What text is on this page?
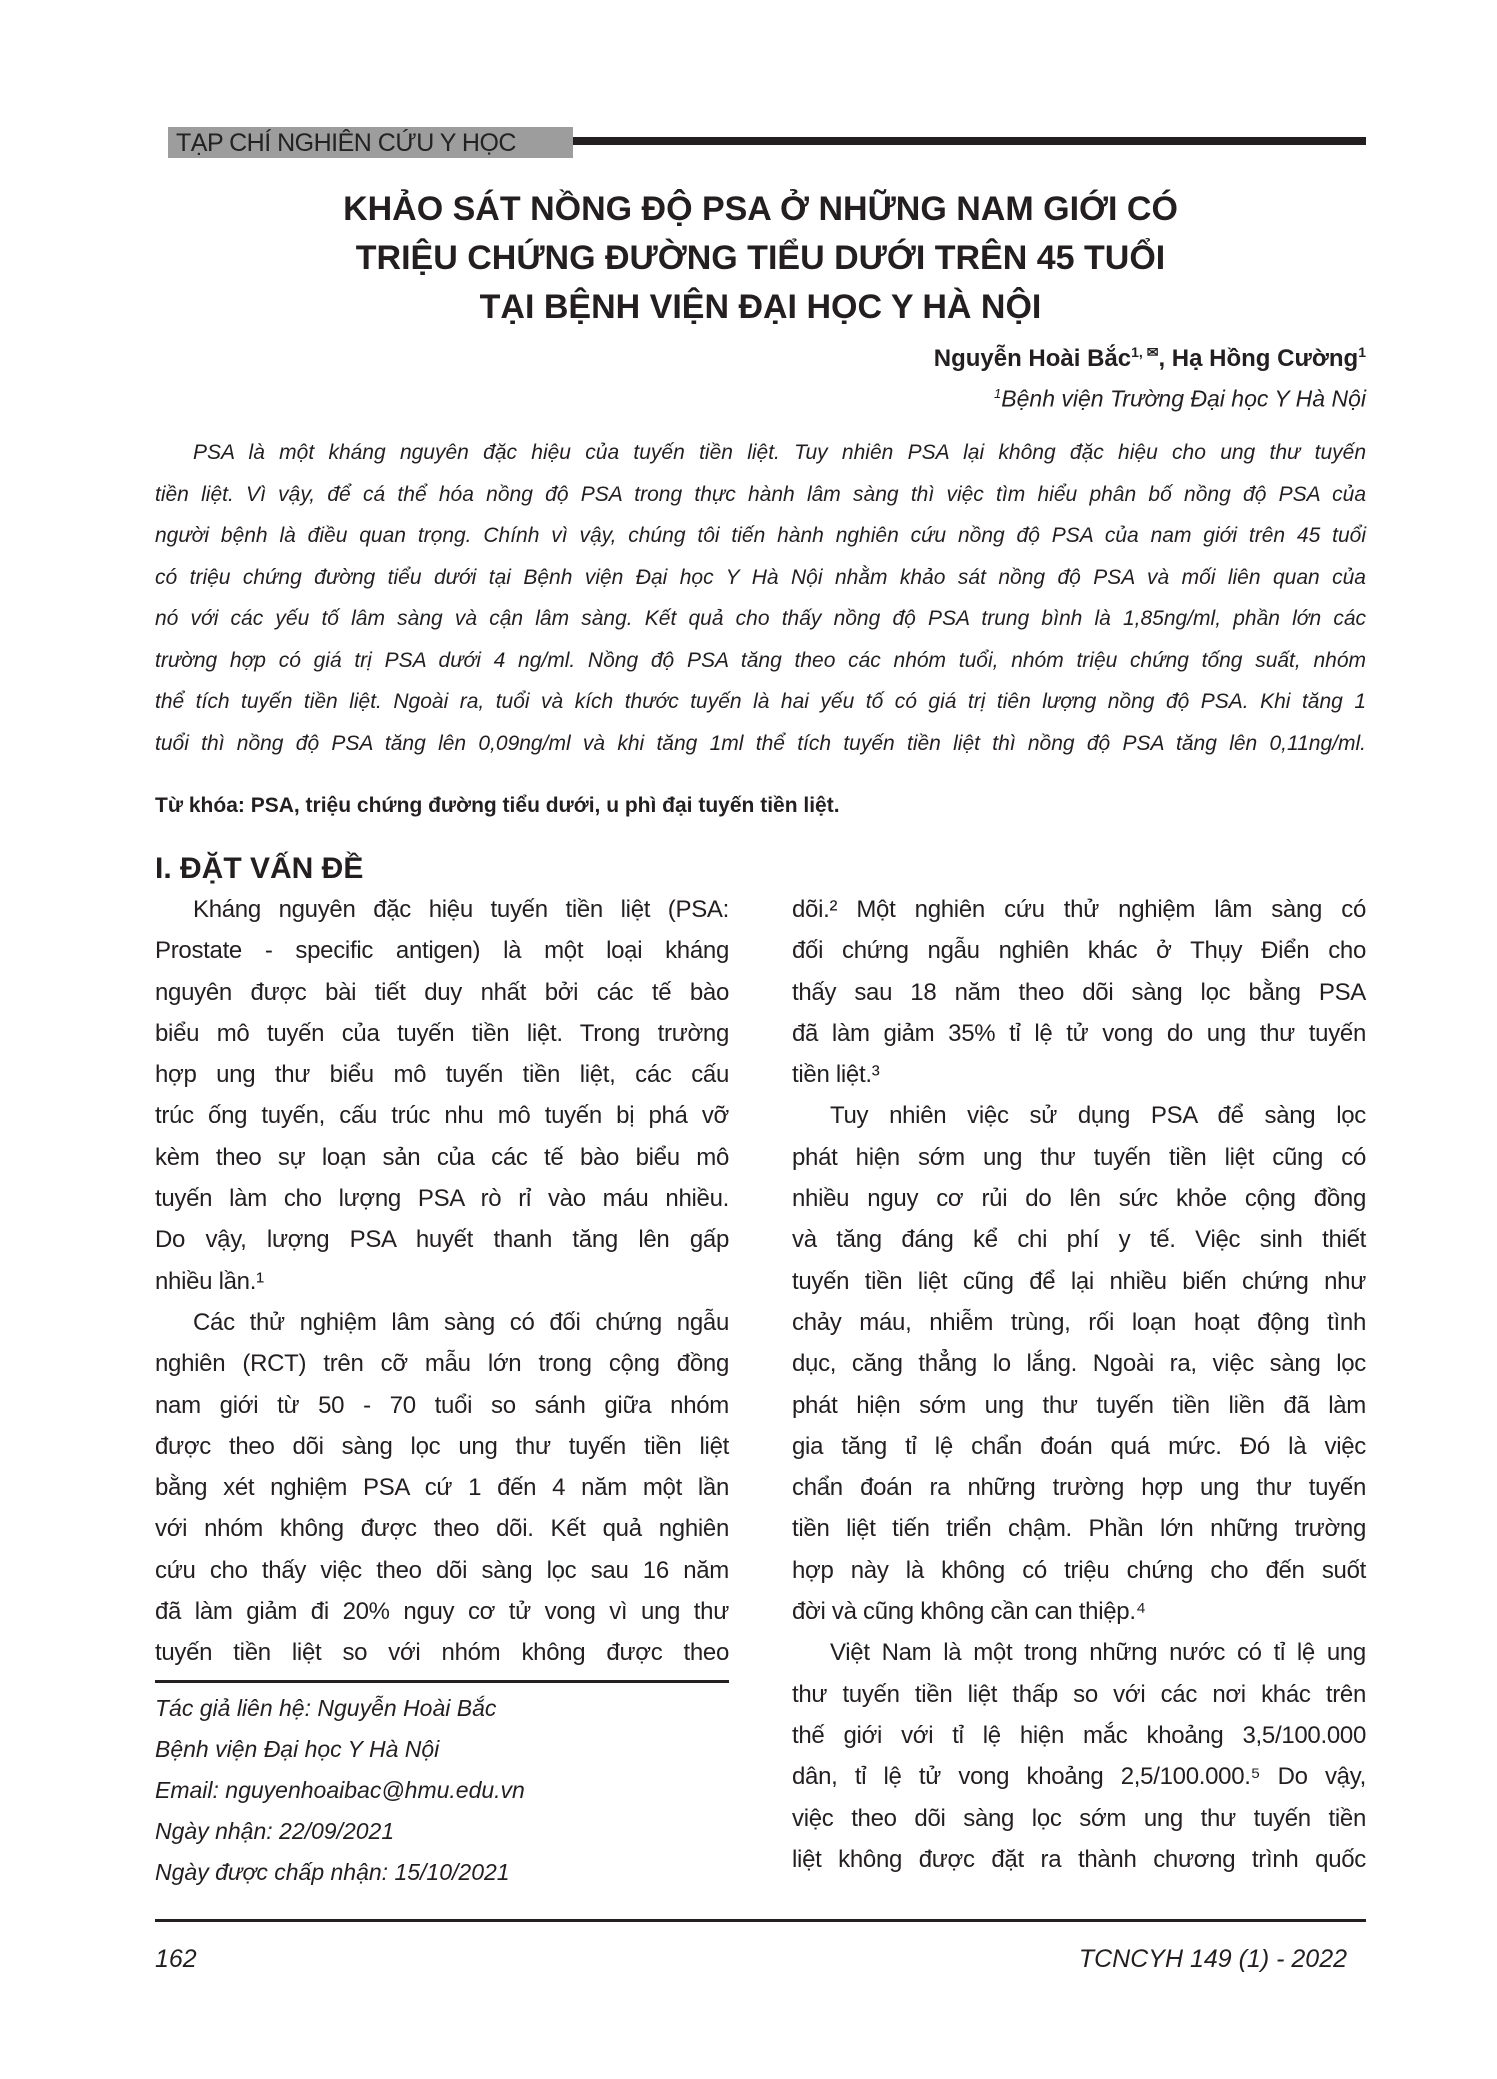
TẠP CHÍ NGHIÊN CỨU Y HỌC
KHẢO SÁT NỒNG ĐỘ PSA Ở NHỮNG NAM GIỚI CÓ
TRIỆU CHỨNG ĐƯỜNG TIỂU DƯỚI TRÊN 45 TUỔI
TẠI BỆNH VIỆN ĐẠI HỌC Y HÀ NỘI
Nguyễn Hoài Bắc$^{1, ✉}$, Hạ Hồng Cường$^1$
$^1$Bệnh viện Trường Đại học Y Hà Nội
PSA là một kháng nguyên đặc hiệu của tuyến tiền liệt. Tuy nhiên PSA lại không đặc hiệu cho ung thư tuyến
tiền liệt. Vì vậy, để cá thể hóa nồng độ PSA trong thực hành lâm sàng thì việc tìm hiểu phân bố nồng độ PSA của
người bệnh là điều quan trọng. Chính vì vậy, chúng tôi tiến hành nghiên cứu nồng độ PSA của nam giới trên 45 tuổi
có triệu chứng đường tiểu dưới tại Bệnh viện Đại học Y Hà Nội nhằm khảo sát nồng độ PSA và mối liên quan của
nó với các yếu tố lâm sàng và cận lâm sàng. Kết quả cho thấy nồng độ PSA trung bình là 1,85ng/ml, phần lớn các
trường hợp có giá trị PSA dưới 4 ng/ml. Nồng độ PSA tăng theo các nhóm tuổi, nhóm triệu chứng tống suất, nhóm
thể tích tuyến tiền liệt. Ngoài ra, tuổi và kích thước tuyến là hai yếu tố có giá trị tiên lượng nồng độ PSA. Khi tăng 1
tuổi thì nồng độ PSA tăng lên 0,09ng/ml và khi tăng 1ml thể tích tuyến tiền liệt thì nồng độ PSA tăng lên 0,11ng/ml.
Từ khóa: PSA, triệu chứng đường tiểu dưới, u phì đại tuyến tiền liệt.
I. ĐẶT VẤN ĐỀ
Kháng nguyên đặc hiệu tuyến tiền liệt (PSA:
Prostate - specific antigen) là một loại kháng
nguyên được bài tiết duy nhất bởi các tế bào
biểu mô tuyến của tuyến tiền liệt. Trong trường
hợp ung thư biểu mô tuyến tiền liệt, các cấu
trúc ống tuyến, cấu trúc nhu mô tuyến bị phá vỡ
kèm theo sự loạn sản của các tế bào biểu mô
tuyến làm cho lượng PSA rò rỉ vào máu nhiều.
Do vậy, lượng PSA huyết thanh tăng lên gấp
nhiều lần.¹
Các thử nghiệm lâm sàng có đối chứng ngẫu
nghiên (RCT) trên cỡ mẫu lớn trong cộng đồng
nam giới từ 50 - 70 tuổi so sánh giữa nhóm
được theo dõi sàng lọc ung thư tuyến tiền liệt
bằng xét nghiệm PSA cứ 1 đến 4 năm một lần
với nhóm không được theo dõi. Kết quả nghiên
cứu cho thấy việc theo dõi sàng lọc sau 16 năm
đã làm giảm đi 20% nguy cơ tử vong vì ung thư
tuyến tiền liệt so với nhóm không được theo
dõi.² Một nghiên cứu thử nghiệm lâm sàng có
đối chứng ngẫu nghiên khác ở Thụy Điển cho
thấy sau 18 năm theo dõi sàng lọc bằng PSA
đã làm giảm 35% tỉ lệ tử vong do ung thư tuyến
tiền liệt.³
Tuy nhiên việc sử dụng PSA để sàng lọc
phát hiện sớm ung thư tuyến tiền liệt cũng có
nhiều nguy cơ rủi do lên sức khỏe cộng đồng
và tăng đáng kể chi phí y tế. Việc sinh thiết
tuyến tiền liệt cũng để lại nhiều biến chứng như
chảy máu, nhiễm trùng, rối loạn hoạt động tình
dục, căng thẳng lo lắng. Ngoài ra, việc sàng lọc
phát hiện sớm ung thư tuyến tiền liền đã làm
gia tăng tỉ lệ chẩn đoán quá mức. Đó là việc
chẩn đoán ra những trường hợp ung thư tuyến
tiền liệt tiến triển chậm. Phần lớn những trường
hợp này là không có triệu chứng cho đến suốt
đời và cũng không cần can thiệp.⁴
Việt Nam là một trong những nước có tỉ lệ ung
thư tuyến tiền liệt thấp so với các nơi khác trên
thế giới với tỉ lệ hiện mắc khoảng 3,5/100.000
dân, tỉ lệ tử vong khoảng 2,5/100.000.⁵ Do vậy,
việc theo dõi sàng lọc sớm ung thư tuyến tiền
liệt không được đặt ra thành chương trình quốc
Tác giả liên hệ: Nguyễn Hoài Bắc
Bệnh viện Đại học Y Hà Nội
Email: nguyenhoaibac@hmu.edu.vn
Ngày nhận: 22/09/2021
Ngày được chấp nhận: 15/10/2021
162	TCNCYH 149 (1) - 2022
